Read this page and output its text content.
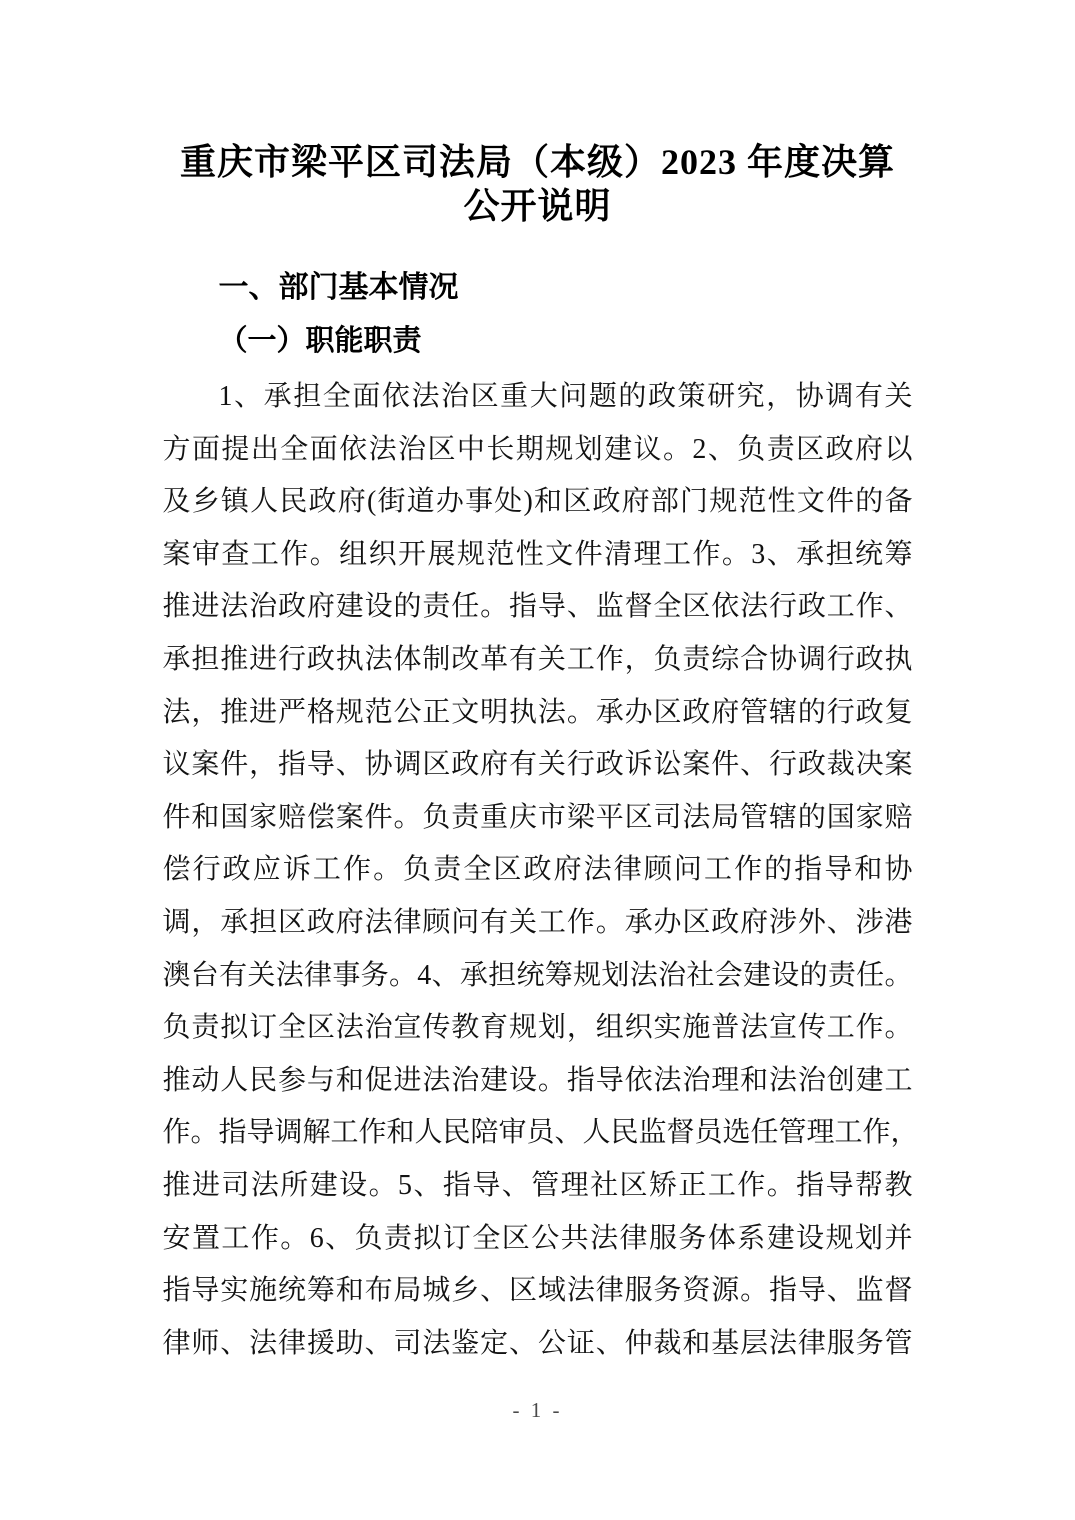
重庆市梁平区司法局（本级）2023 年度决算公开说明
一、部门基本情况
（一）职能职责
1、承担全面依法治区重大问题的政策研究，协调有关
方面提出全面依法治区中长期规划建议。2、负责区政府以
及乡镇人民政府(街道办事处)和区政府部门规范性文件的备
案审查工作。组织开展规范性文件清理工作。3、承担统筹
推进法治政府建设的责任。指导、监督全区依法行政工作、
承担推进行政执法体制改革有关工作，负责综合协调行政执
法，推进严格规范公正文明执法。承办区政府管辖的行政复
议案件，指导、协调区政府有关行政诉讼案件、行政裁决案
件和国家赔偿案件。负责重庆市梁平区司法局管辖的国家赔
偿行政应诉工作。负责全区政府法律顾问工作的指导和协
调，承担区政府法律顾问有关工作。承办区政府涉外、涉港
澳台有关法律事务。4、承担统筹规划法治社会建设的责任。
负责拟订全区法治宣传教育规划，组织实施普法宣传工作。
推动人民参与和促进法治建设。指导依法治理和法治创建工
作。指导调解工作和人民陪审员、人民监督员选任管理工作，
推进司法所建设。5、指导、管理社区矫正工作。指导帮教
安置工作。6、负责拟订全区公共法律服务体系建设规划并
指导实施统筹和布局城乡、区域法律服务资源。指导、监督
律师、法律援助、司法鉴定、公证、仲裁和基层法律服务管
- 1 -
